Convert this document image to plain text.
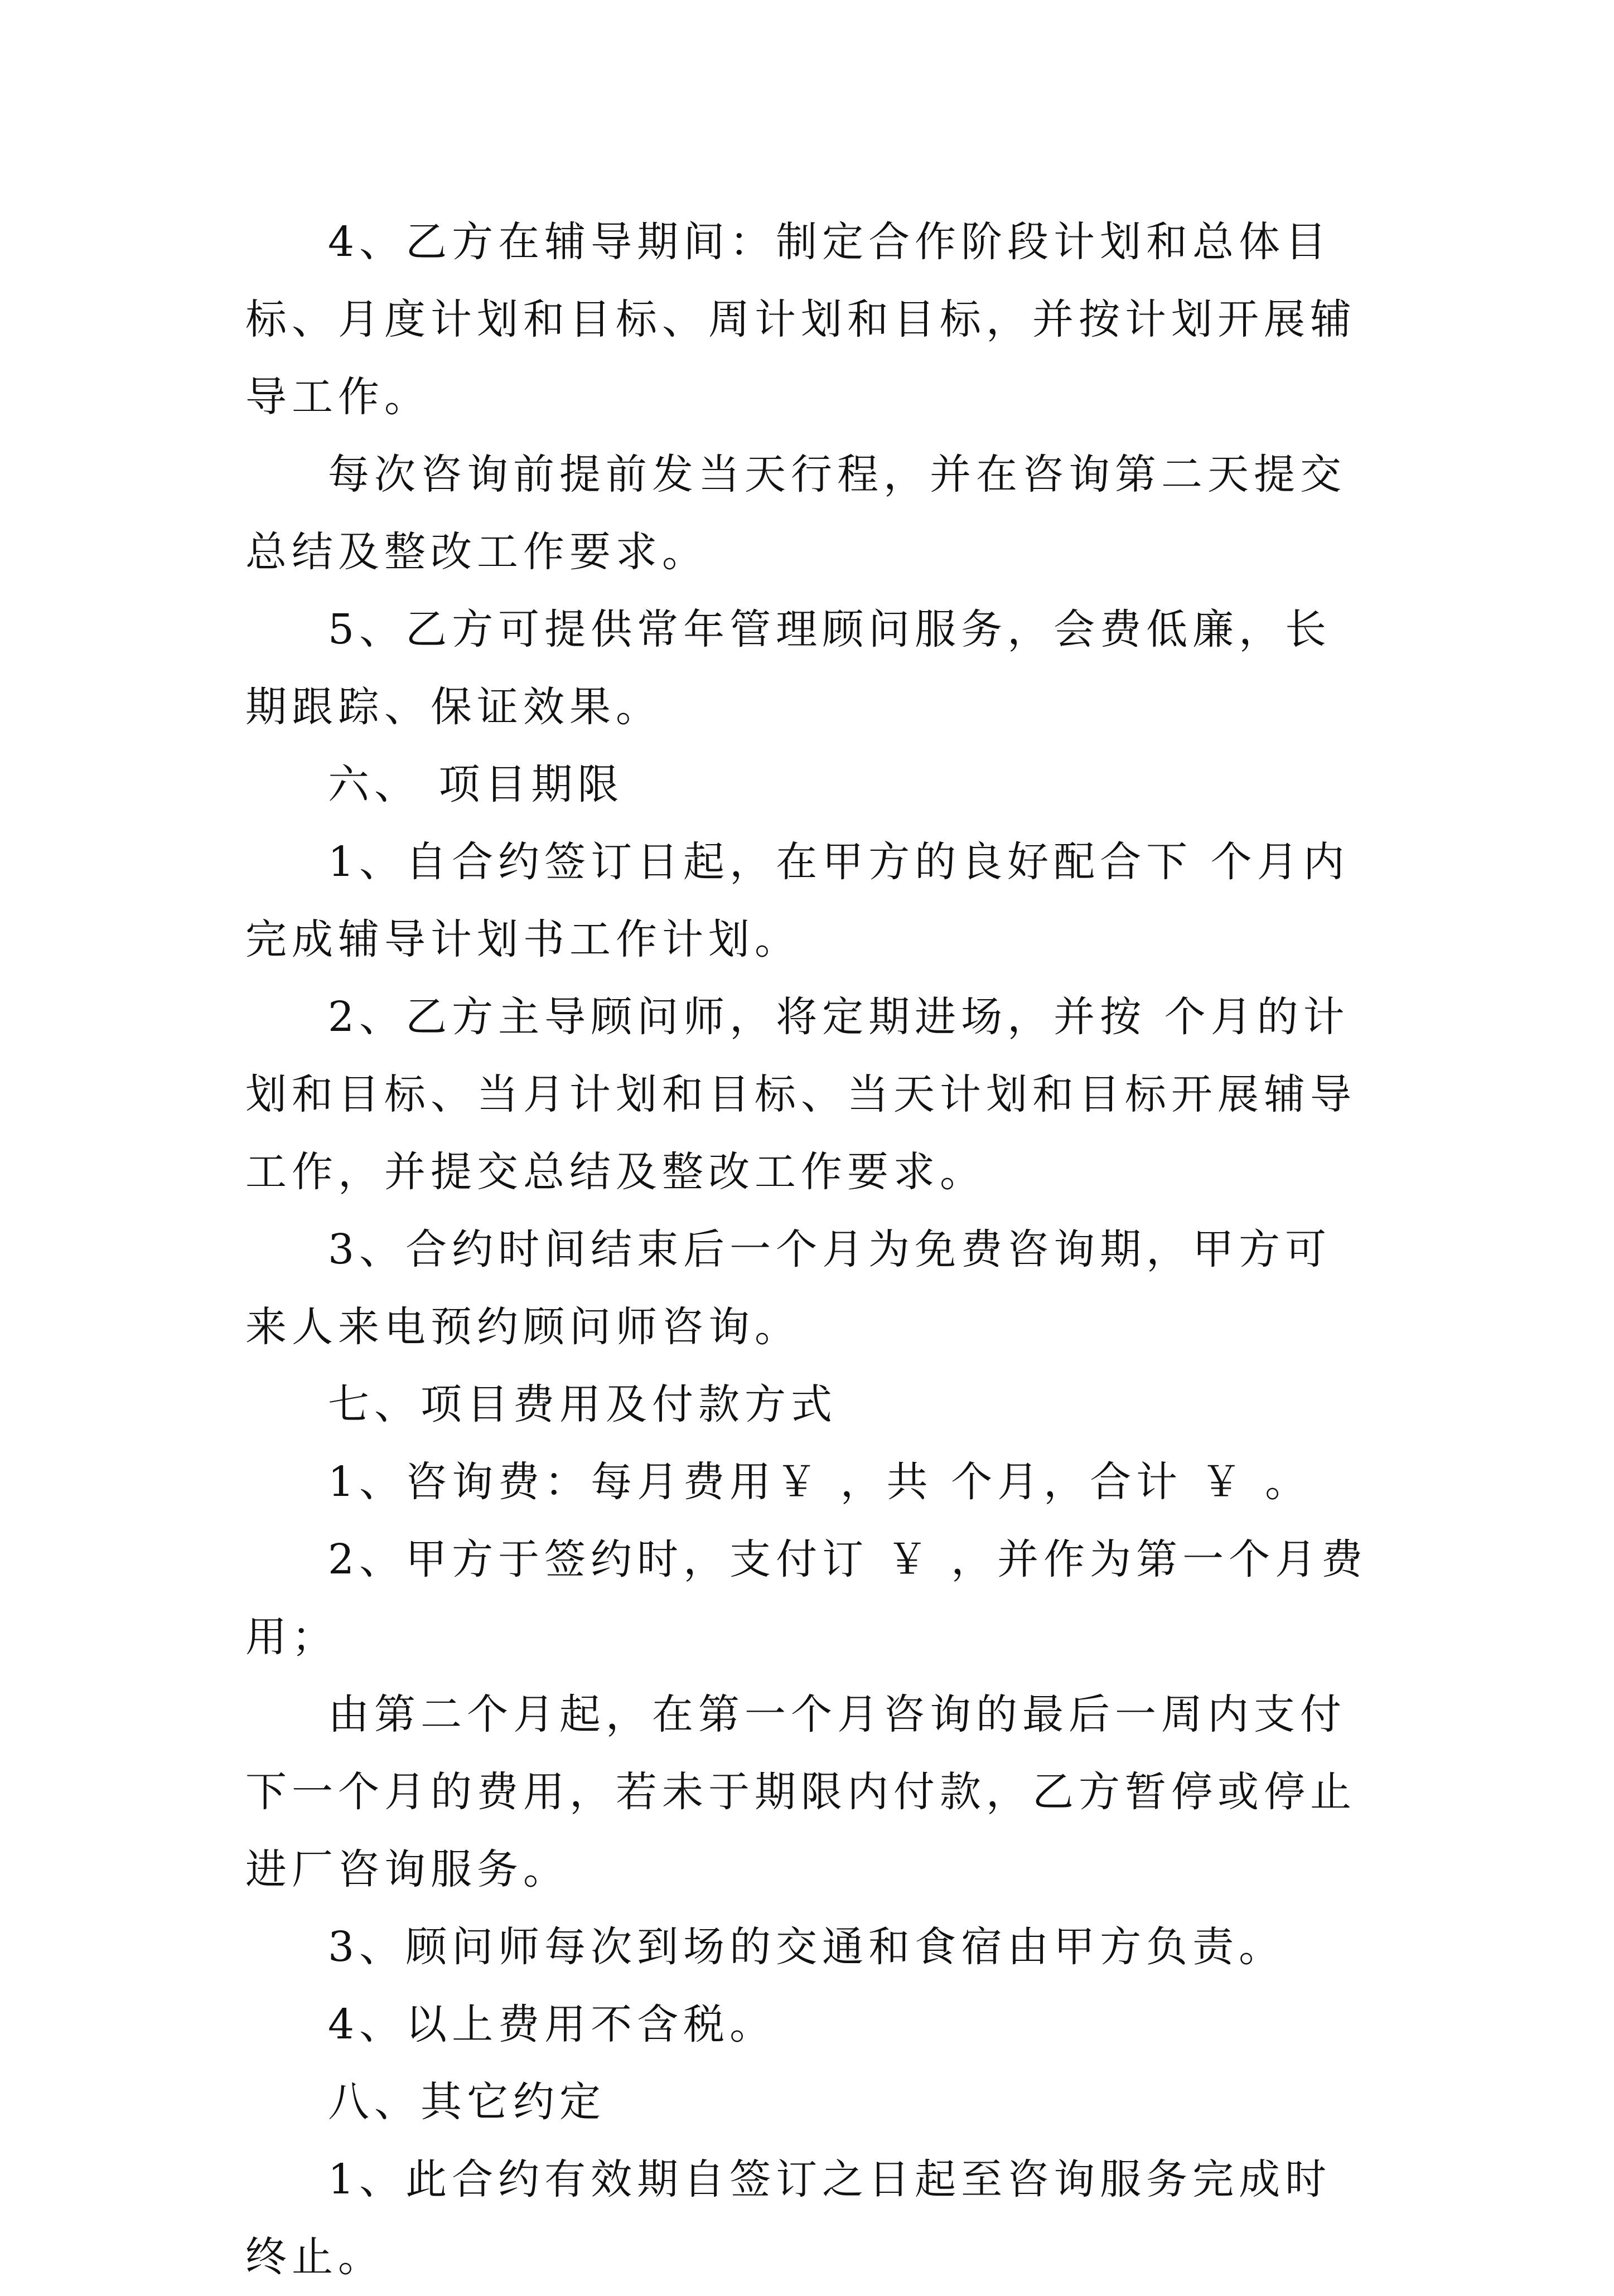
4、乙方在辅导期间：制定合作阶段计划和总体目标、月度计划和目标、周计划和目标，并按计划开展辅导工作。

每次咨询前提前发当天行程，并在咨询第二天提交总结及整改工作要求。

5、乙方可提供常年管理顾问服务，会费低廉，长期跟踪、保证效果。

六、 项目期限

1、自合约签订日起，在甲方的良好配合下 个月内完成辅导计划书工作计划。

2、乙方主导顾问师，将定期进场，并按 个月的计划和目标、当月计划和目标、当天计划和目标开展辅导工作，并提交总结及整改工作要求。

3、合约时间结束后一个月为免费咨询期，甲方可来人来电预约顾问师咨询。

七、项目费用及付款方式

1、咨询费：每月费用￥ ，共 个月，合计 ￥ 。

2、甲方于签约时，支付订 ￥ ，并作为第一个月费用；

由第二个月起，在第一个月咨询的最后一周内支付下一个月的费用，若未于期限内付款，乙方暂停或停止进厂咨询服务。

3、顾问师每次到场的交通和食宿由甲方负责。

4、以上费用不含税。

八、其它约定

1、此合约有效期自签订之日起至咨询服务完成时终止。
